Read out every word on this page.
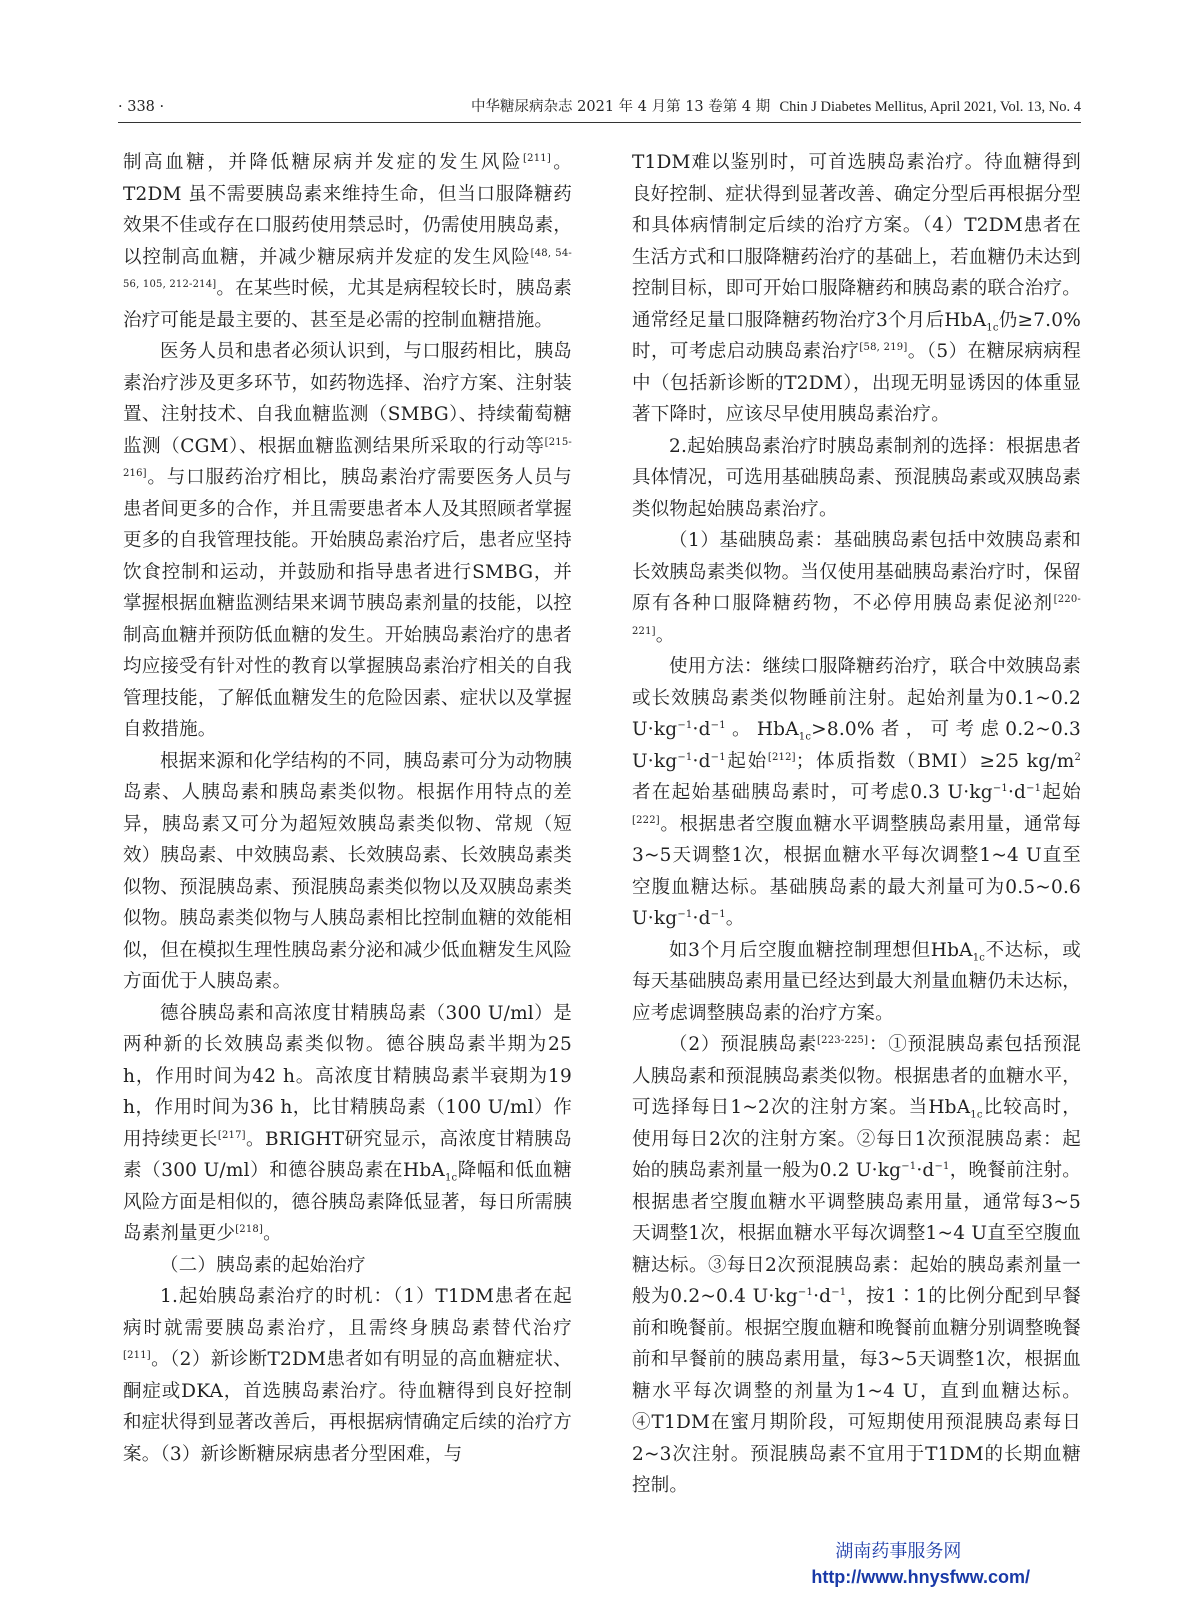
· 338 ·	中华糖尿病杂志 2021 年 4 月第 13 卷第 4 期 Chin J Diabetes Mellitus, April 2021, Vol. 13, No. 4

制高血糖，并降低糖尿病并发症的发生风险[211]。T2DM 虽不需要胰岛素来维持生命，但当口服降糖药效果不佳或存在口服药使用禁忌时，仍需使用胰岛素，以控制高血糖，并减少糖尿病并发症的发生风险[48, 54-56, 105, 212-214]。在某些时候，尤其是病程较长时，胰岛素治疗可能是最主要的、甚至是必需的控制血糖措施。

医务人员和患者必须认识到，与口服药相比，胰岛素治疗涉及更多环节，如药物选择、治疗方案、注射装置、注射技术、自我血糖监测（SMBG）、持续葡萄糖监测（CGM）、根据血糖监测结果所采取的行动等[215-216]。与口服药治疗相比，胰岛素治疗需要医务人员与患者间更多的合作，并且需要患者本人及其照顾者掌握更多的自我管理技能。开始胰岛素治疗后，患者应坚持饮食控制和运动，并鼓励和指导患者进行SMBG，并掌握根据血糖监测结果来调节胰岛素剂量的技能，以控制高血糖并预防低血糖的发生。开始胰岛素治疗的患者均应接受有针对性的教育以掌握胰岛素治疗相关的自我管理技能，了解低血糖发生的危险因素、症状以及掌握自救措施。

根据来源和化学结构的不同，胰岛素可分为动物胰岛素、人胰岛素和胰岛素类似物。根据作用特点的差异，胰岛素又可分为超短效胰岛素类似物、常规（短效）胰岛素、中效胰岛素、长效胰岛素、长效胰岛素类似物、预混胰岛素、预混胰岛素类似物以及双胰岛素类似物。胰岛素类似物与人胰岛素相比控制血糖的效能相似，但在模拟生理性胰岛素分泌和减少低血糖发生风险方面优于人胰岛素。

德谷胰岛素和高浓度甘精胰岛素（300 U/ml）是两种新的长效胰岛素类似物。德谷胰岛素半期为25 h，作用时间为42 h。高浓度甘精胰岛素半衰期为19 h，作用时间为36 h，比甘精胰岛素（100 U/ml）作用持续更长[217]。BRIGHT研究显示，高浓度甘精胰岛素（300 U/ml）和德谷胰岛素在HbA$_{1c}$降幅和低血糖风险方面是相似的，德谷胰岛素降低显著，每日所需胰岛素剂量更少[218]。

（二）胰岛素的起始治疗

1.起始胰岛素治疗的时机：（1）T1DM患者在起病时就需要胰岛素治疗，且需终身胰岛素替代治疗[211]。（2）新诊断T2DM患者如有明显的高血糖症状、酮症或DKA，首选胰岛素治疗。待血糖得到良好控制和症状得到显著改善后，再根据病情确定后续的治疗方案。（3）新诊断糖尿病患者分型困难，与

T1DM难以鉴别时，可首选胰岛素治疗。待血糖得到良好控制、症状得到显著改善、确定分型后再根据分型和具体病情制定后续的治疗方案。（4）T2DM患者在生活方式和口服降糖药治疗的基础上，若血糖仍未达到控制目标，即可开始口服降糖药和胰岛素的联合治疗。通常经足量口服降糖药物治疗3个月后HbA$_{1c}$仍≥7.0%时，可考虑启动胰岛素治疗[58, 219]。（5）在糖尿病病程中（包括新诊断的T2DM），出现无明显诱因的体重显著下降时，应该尽早使用胰岛素治疗。

2.起始胰岛素治疗时胰岛素制剂的选择：根据患者具体情况，可选用基础胰岛素、预混胰岛素或双胰岛素类似物起始胰岛素治疗。

（1）基础胰岛素：基础胰岛素包括中效胰岛素和长效胰岛素类似物。当仅使用基础胰岛素治疗时，保留原有各种口服降糖药物，不必停用胰岛素促泌剂[220-221]。

使用方法：继续口服降糖药治疗，联合中效胰岛素或长效胰岛素类似物睡前注射。起始剂量为0.1~0.2 $U\cdot kg^{-1}\cdot d^{-1}$。HbA$_{1c}$>8.0%者，可考虑0.2~0.3 $U\cdot kg^{-1}\cdot d^{-1}$起始[212]；体质指数（BMI）≥25 $kg/m^2$者在起始基础胰岛素时，可考虑0.3 $U\cdot kg^{-1}\cdot d^{-1}$起始[222]。根据患者空腹血糖水平调整胰岛素用量，通常每3~5天调整1次，根据血糖水平每次调整1~4 U直至空腹血糖达标。基础胰岛素的最大剂量可为0.5~0.6 $U\cdot kg^{-1}\cdot d^{-1}$。

如3个月后空腹血糖控制理想但HbA$_{1c}$不达标，或每天基础胰岛素用量已经达到最大剂量血糖仍未达标，应考虑调整胰岛素的治疗方案。

（2）预混胰岛素[223-225]：①预混胰岛素包括预混人胰岛素和预混胰岛素类似物。根据患者的血糖水平，可选择每日1~2次的注射方案。当HbA$_{1c}$比较高时，使用每日2次的注射方案。②每日1次预混胰岛素：起始的胰岛素剂量一般为0.2 $U\cdot kg^{-1}\cdot d^{-1}$，晚餐前注射。根据患者空腹血糖水平调整胰岛素用量，通常每3~5天调整1次，根据血糖水平每次调整1~4 U直至空腹血糖达标。③每日2次预混胰岛素：起始的胰岛素剂量一般为0.2~0.4 $U\cdot kg^{-1}\cdot d^{-1}$，按1∶1的比例分配到早餐前和晚餐前。根据空腹血糖和晚餐前血糖分别调整晚餐前和早餐前的胰岛素用量，每3~5天调整1次，根据血糖水平每次调整的剂量为1~4 U，直到血糖达标。④T1DM在蜜月期阶段，可短期使用预混胰岛素每日2~3次注射。预混胰岛素不宜用于T1DM的长期血糖控制。

湖南药事服务网
http://www.hnysfww.com/
